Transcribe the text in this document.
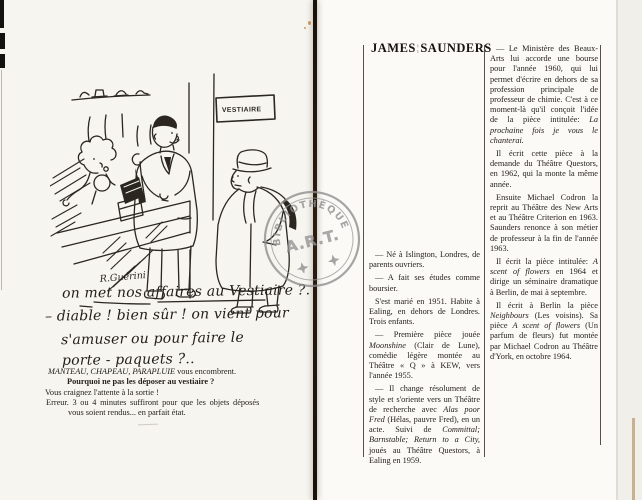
VESTIAIRE
R.Guérini
on met nos affaires au Vestiaire ?.
– diable ! bien sûr ! on vient pour
s'amuser ou pour faire le
porte - paquets ?..
MANTEAU, CHAPEAU, PARAPLUIE vous encombrent.
Pourquoi ne pas les déposer au vestiaire ?
Vous craignez l'attente à la sortie !
Erreur. 3 ou 4 minutes suffiront pour que les objets déposés
vous soient rendus... en parfait état.
JAMES¦SAUNDERS

— Né à Islington, Londres, de parents ouvriers.

— A fait ses études comme boursier.

S'est marié en 1951. Habite à Ealing, en dehors de Londres. Trois enfants.

— Première pièce jouée Moonshine (Clair de Lune), comédie légère montée au Théâtre « Q » à KEW, vers l'année 1955.

— Il change résolument de style et s'oriente vers un Théâtre de recherche avec Alas poor Fred (Hélas, pauvre Fred), en un acte. Suivi de Committal; Barnstable; Return to a City, joués au Théâtre Questors, à Ealing en 1959.

— Le Ministère des Beaux-Arts lui accorde une bourse pour l'année 1960, qui lui permet d'écrire en dehors de sa profession principale de professeur de chimie. C'est à ce moment-là qu'il conçoit l'idée de la pièce intitulée: La prochaine fois je vous le chanterai.

Il écrit cette pièce à la demande du Théâtre Questors, en 1962, qui la monte la même année.

Ensuite Michael Codron la reprit au Théâtre des New Arts et au Théâtre Criterion en 1963. Saunders renonce à son métier de professeur à la fin de l'année 1963.

Il écrit la pièce intitulée: A scent of flowers en 1964 et dirige un séminaire dramatique à Berlin, de mai à septembre.

Il écrit à Berlin la pièce Neighbours (Les voisins). Sa pièce A scent of flowers (Un parfum de fleurs) fut montée par Michael Codron au Théâtre d'York, en octobre 1964.

BIBLIOTHÈQUE
A.R.T.
